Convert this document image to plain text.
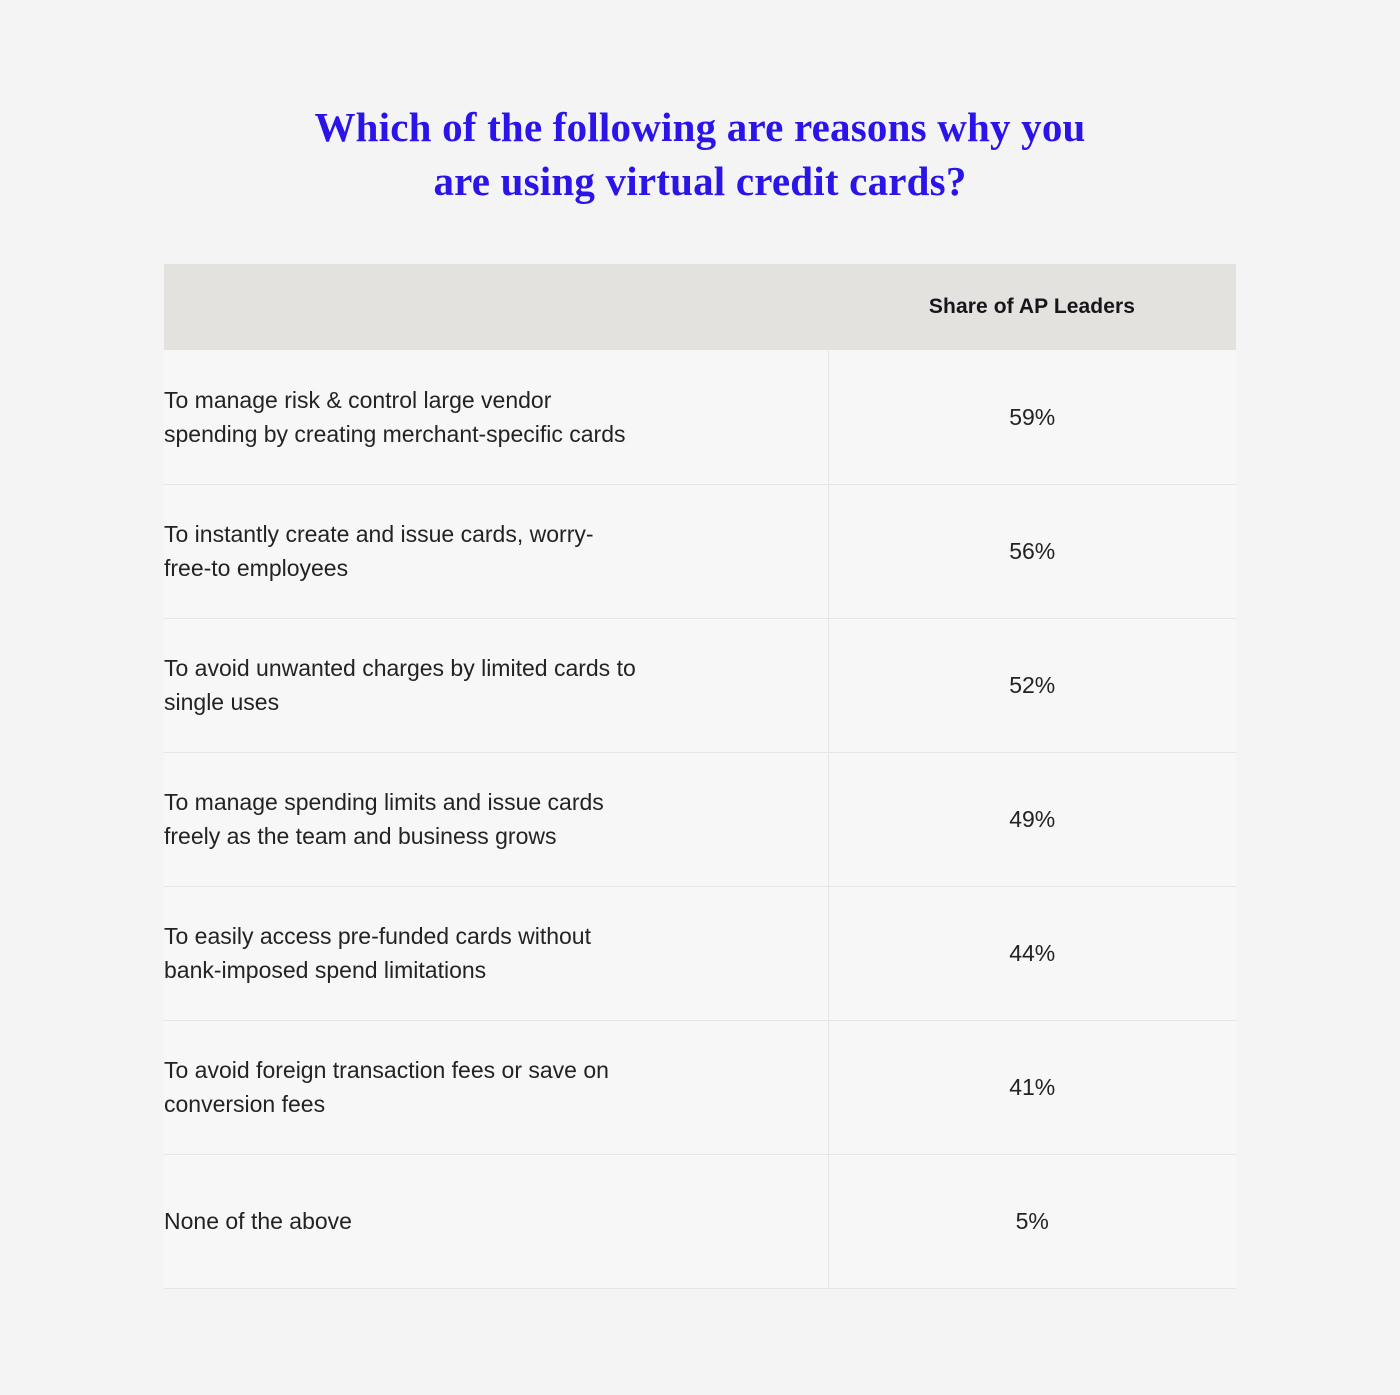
Which of the following are reasons why you
are using virtual credit cards?
	Share of AP Leaders
To manage risk & control large vendor
spending by creating merchant-specific cards	59%
To instantly create and issue cards, worry-
free-to employees	56%
To avoid unwanted charges by limited cards to
single uses	52%
To manage spending limits and issue cards
freely as the team and business grows	49%
To easily access pre-funded cards without
bank-imposed spend limitations	44%
To avoid foreign transaction fees or save on
conversion fees	41%
None of the above	5%
